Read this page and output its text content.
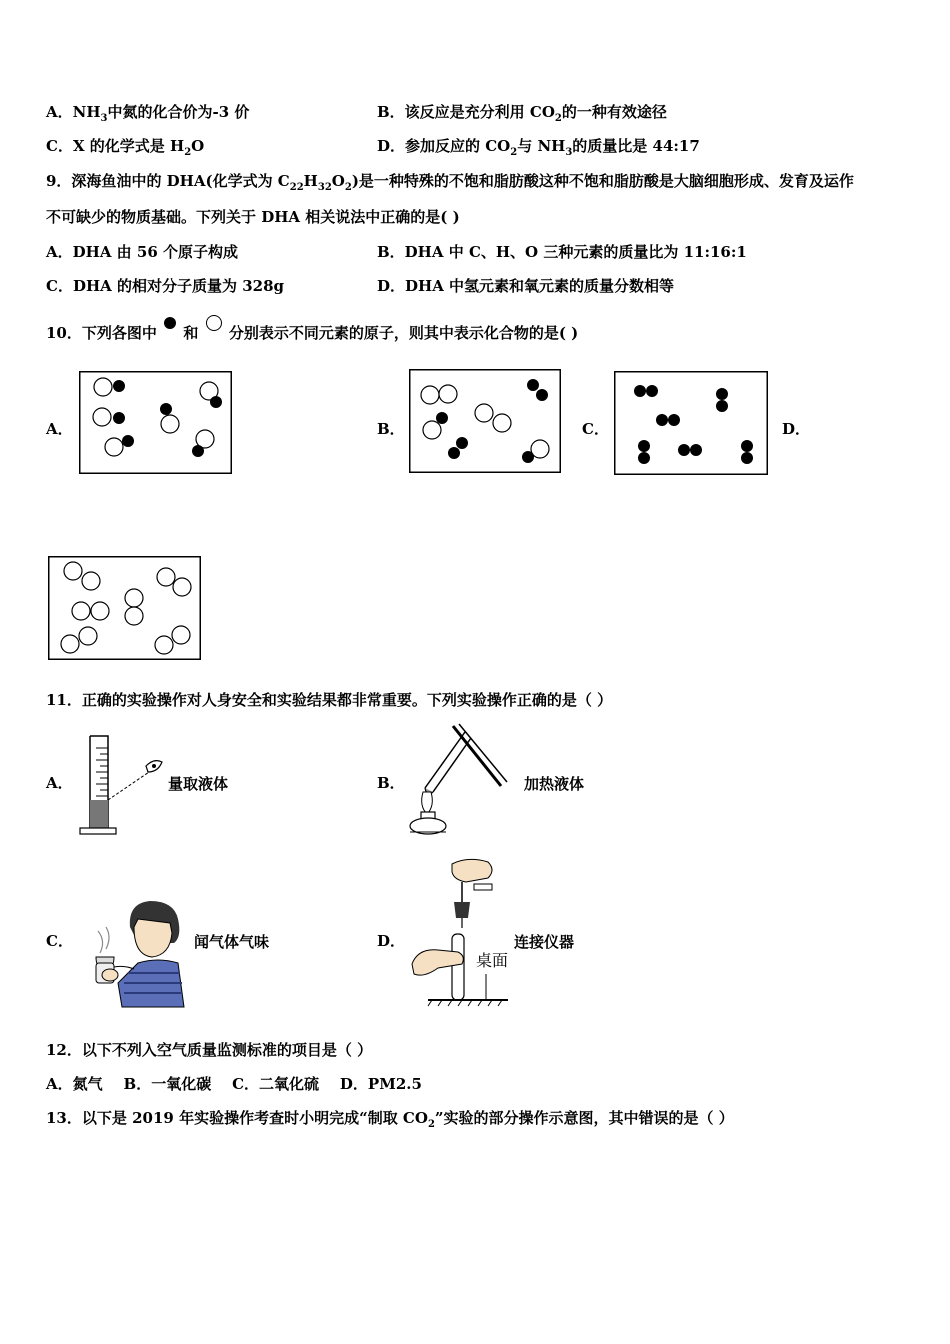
A．$NH_3$中氮的化合价为-3 价	B．该反应是充分利用 $CO_2$的一种有效途径
C．X 的化学式是 $H_2O$	D．参加反应的 $CO_2$与 $NH_3$的质量比是 44:17
9．深海鱼油中的 DHA(化学式为 $C_{22}H_{32}O_2$)是一种特殊的不饱和脂肪酸这种不饱和脂肪酸是大脑细胞形成、发育及运作
不可缺少的物质基础。下列关于 DHA 相关说法中正确的是( )
A．DHA 由 56 个原子构成	B．DHA 中 C、H、O 三种元素的质量比为 11:16:1
C．DHA 的相对分子质量为 328g	D．DHA 中氢元素和氧元素的质量分数相等
10．下列各图中 和 分别表示不同元素的原子，则其中表示化合物的是( )
A．	B．	C．	D．
11．正确的实验操作对人身安全和实验结果都非常重要。下列实验操作正确的是（ ）
A．	量取液体	B．	加热液体
C．	闻气体气味	D．
桌面
连接仪器
12．以下不列入空气质量监测标准的项目是（ ）
A．氮气    B．一氧化碳    C．二氧化硫    D．PM2.5
13．以下是 2019 年实验操作考查时小明完成“制取 $CO_2$”实验的部分操作示意图，其中错误的是（ ）
